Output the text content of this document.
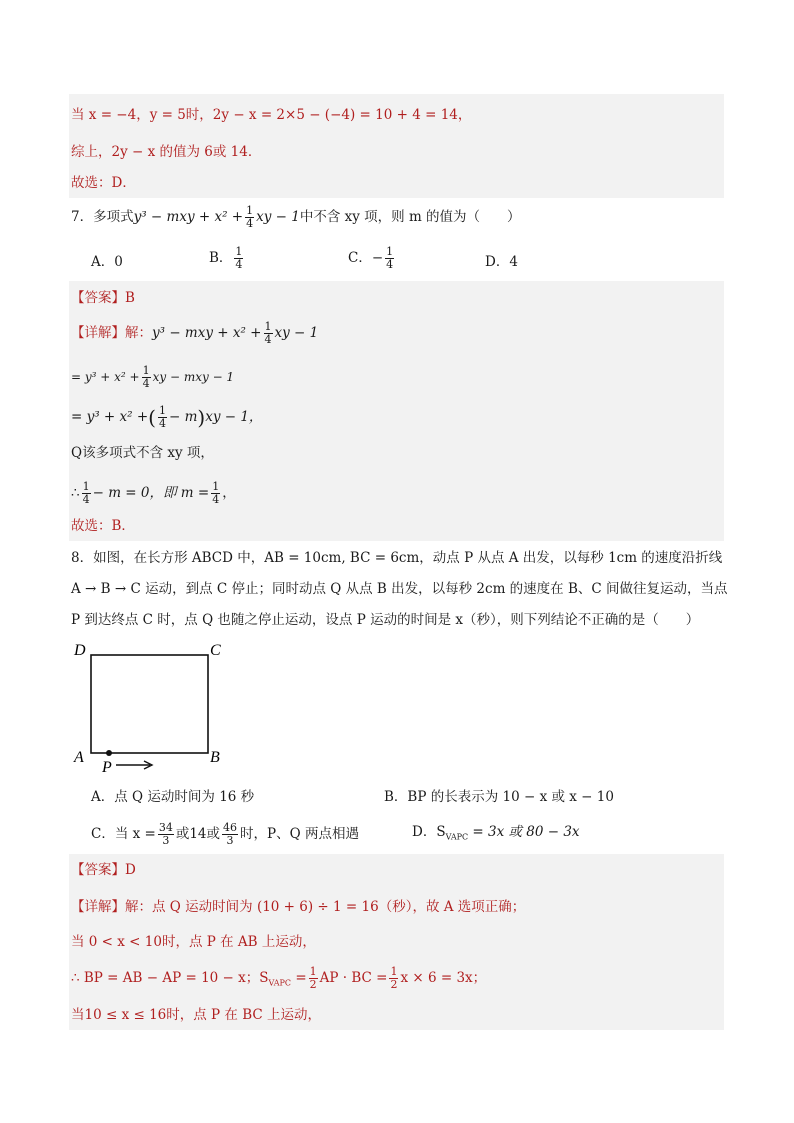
当 x = −4，y = 5时，2y − x = 2×5 − (−4) = 10 + 4 = 14，
综上，2y − x 的值为 6或 14．
故选：D．
7．多项式y³ − mxy + $x^2 + \frac{1}{4}$ xy − 1中不含 xy 项，则 m 的值为（　　）
A．0	B． $\frac{1}{4}$	C．− $\frac{1}{4}$	D．4
【答案】B
【详解】解：y³ − mxy + $x^2 + \frac{1}{4}$ xy − 1
= $y^3 + x^2 + \frac{1}{4}$ xy − mxy − 1
= y³ + x² +( $\frac{1}{4} - m)xy - 1$，
Q该多项式不含 xy 项，
∴ $\frac{1}{4} - m = 0$，即 $m = \frac{1}{4}$ ，
故选：B．
8．如图，在长方形 ABCD 中，AB = 10cm, BC = 6cm，动点 P 从点 A 出发，以每秒 1cm 的速度沿折线
A → B → C 运动，到点 C 停止；同时动点 Q 从点 B 出发，以每秒 2cm 的速度在 B、C 间做往复运动，当点
P 到达终点 C 时，点 Q 也随之停止运动，设点 P 运动的时间是 x（秒），则下列结论不正确的是（　　）
D	C
A	B
P
A．点 Q 运动时间为 16 秒	B．BP 的长表示为 10 − x 或 x − 10
C．当 $x = \frac{34}{3}$ 或14或 $\frac{46}{3}$ 时，P、Q 两点相遇	D．$S_{VAPC} = 3x$ 或 80 − 3x
【答案】D
【详解】解：点 Q 运动时间为 (10 + 6) ÷ 1 = 16（秒），故 A 选项正确；
当 0 < x < 10时，点 P 在 AB 上运动，
∴ BP = AB − AP = 10 − x；$S_{VAPC} = \frac{1}{2}$ AP · BC = $\frac{1}{2}$ x × 6 = 3x；
当10 ≤ x ≤ 16时，点 P 在 BC 上运动，
